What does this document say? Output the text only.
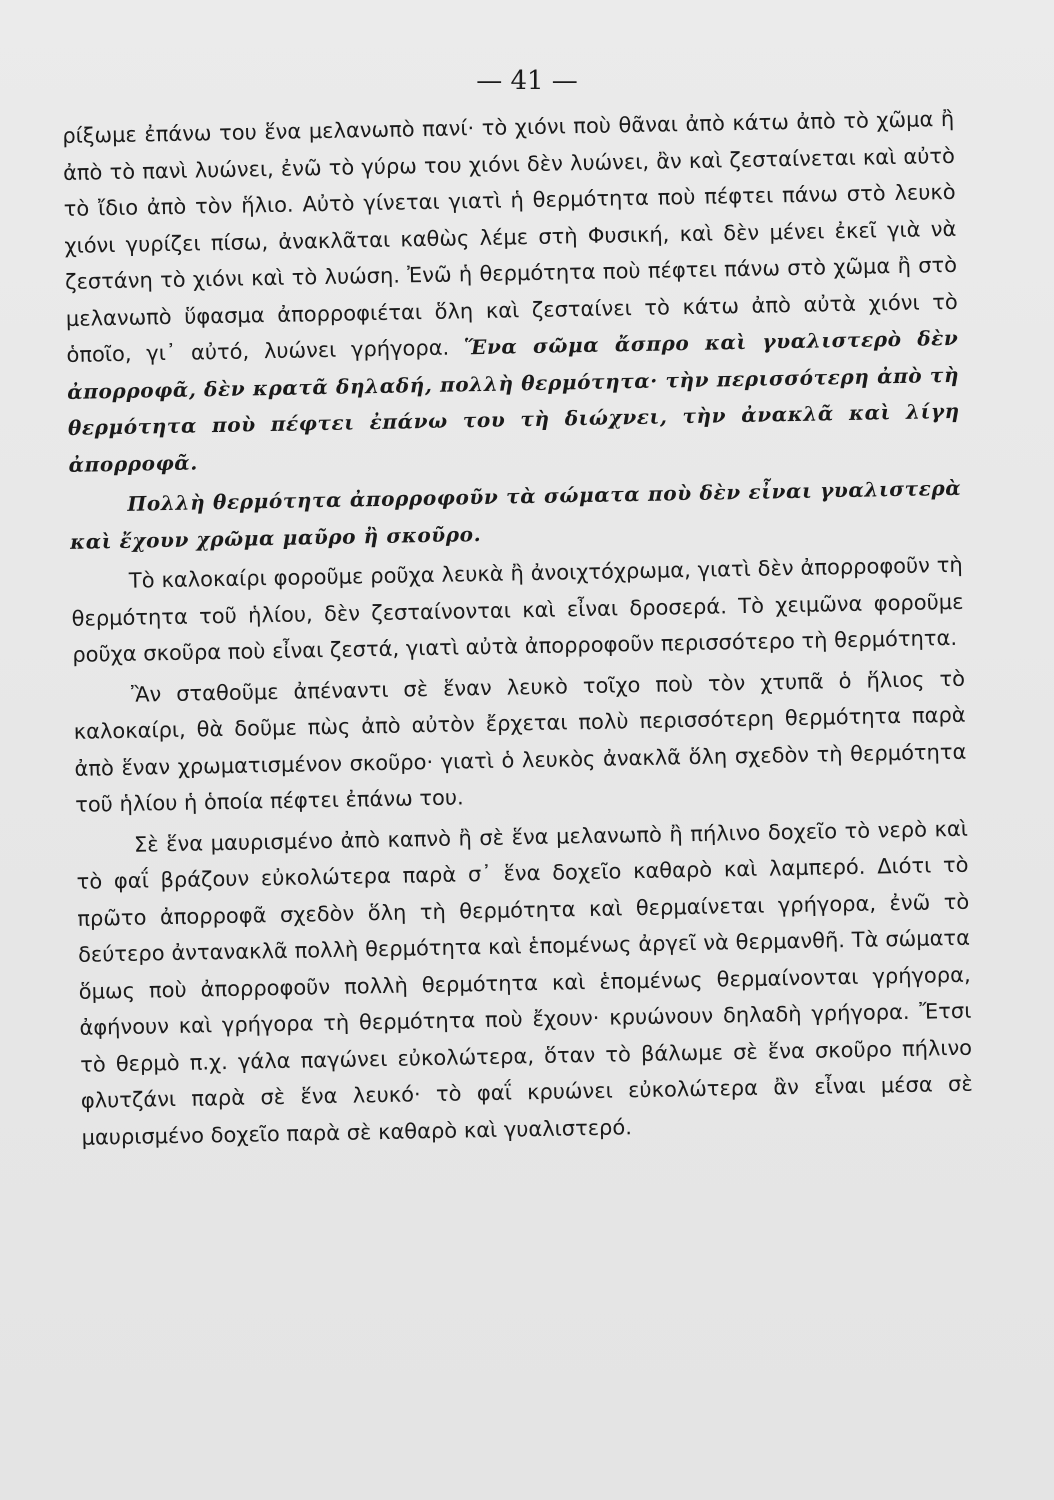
— 41 —

ρίξωμε ἐπάνω του ἕνα μελανωπὸ πανί· τὸ χιόνι ποὺ θᾶναι ἀπὸ κάτω ἀπὸ τὸ χῶμα ἢ ἀπὸ τὸ πανὶ λυώνει, ἐνῶ τὸ γύρω του χιόνι δὲν λυώνει, ἂν καὶ ζεσταίνεται καὶ αὐτὸ τὸ ἴδιο ἀπὸ τὸν ἥλιο. Αὐτὸ γίνεται γιατὶ ἡ θερμότητα ποὺ πέφτει πάνω στὸ λευκὸ χιόνι γυρίζει πίσω, ἀνακλᾶται καθὼς λέμε στὴ Φυσική, καὶ δὲν μένει ἐκεῖ γιὰ νὰ ζεστάνη τὸ χιόνι καὶ τὸ λυώση. Ἐνῶ ἡ θερμότητα ποὺ πέφτει πάνω στὸ χῶμα ἢ στὸ μελανωπὸ ὕφασμα ἀπορροφιέται ὅλη καὶ ζεσταίνει τὸ κάτω ἀπὸ αὐτὰ χιόνι τὸ ὁποῖο, γι᾽ αὐτό, λυώνει γρήγορα. Ἕνα σῶμα ἄσπρο καὶ γυαλιστερὸ δὲν ἀπορροφᾶ, δὲν κρατᾶ δηλαδή, πολλὴ θερμότητα· τὴν περισσότερη ἀπὸ τὴ θερμότητα ποὺ πέφτει ἐπάνω του τὴ διώχνει, τὴν ἀνακλᾶ καὶ λίγη ἀπορροφᾶ.

Πολλὴ θερμότητα ἀπορροφοῦν τὰ σώματα ποὺ δὲν εἶναι γυαλιστερὰ καὶ ἔχουν χρῶμα μαῦρο ἢ σκοῦρο.

Τὸ καλοκαίρι φοροῦμε ροῦχα λευκὰ ἢ ἀνοιχτόχρωμα, γιατὶ δὲν ἀπορροφοῦν τὴ θερμότητα τοῦ ἡλίου, δὲν ζεσταίνονται καὶ εἶναι δροσερά. Τὸ χειμῶνα φοροῦμε ροῦχα σκοῦρα ποὺ εἶναι ζεστά, γιατὶ αὐτὰ ἀπορροφοῦν περισσότερο τὴ θερμότητα.

Ἂν σταθοῦμε ἀπέναντι σὲ ἕναν λευκὸ τοῖχο ποὺ τὸν χτυπᾶ ὁ ἥλιος τὸ καλοκαίρι, θὰ δοῦμε πὼς ἀπὸ αὐτὸν ἔρχεται πολὺ περισσότερη θερμότητα παρὰ ἀπὸ ἕναν χρωματισμένον σκοῦρο· γιατὶ ὁ λευκὸς ἀνακλᾶ ὅλη σχεδὸν τὴ θερμότητα τοῦ ἡλίου ἡ ὁποία πέφτει ἐπάνω του.

Σὲ ἕνα μαυρισμένο ἀπὸ καπνὸ ἢ σὲ ἕνα μελανωπὸ ἢ πήλινο δοχεῖο τὸ νερὸ καὶ τὸ φαΐ βράζουν εὐκολώτερα παρὰ σ᾽ ἕνα δοχεῖο καθαρὸ καὶ λαμπερό. Διότι τὸ πρῶτο ἀπορροφᾶ σχεδὸν ὅλη τὴ θερμότητα καὶ θερμαίνεται γρήγορα, ἐνῶ τὸ δεύτερο ἀντανακλᾶ πολλὴ θερμότητα καὶ ἑπομένως ἀργεῖ νὰ θερμανθῆ. Τὰ σώματα ὅμως ποὺ ἀπορροφοῦν πολλὴ θερμότητα καὶ ἑπομένως θερμαίνονται γρήγορα, ἀφήνουν καὶ γρήγορα τὴ θερμότητα ποὺ ἔχουν· κρυώνουν δηλαδὴ γρήγορα. Ἔτσι τὸ θερμὸ π.χ. γάλα παγώνει εὐκολώτερα, ὅταν τὸ βάλωμε σὲ ἕνα σκοῦρο πήλινο φλυτζάνι παρὰ σὲ ἕνα λευκό· τὸ φαΐ κρυώνει εὐκολώτερα ἂν εἶναι μέσα σὲ μαυρισμένο δοχεῖο παρὰ σὲ καθαρὸ καὶ γυαλιστερό.
